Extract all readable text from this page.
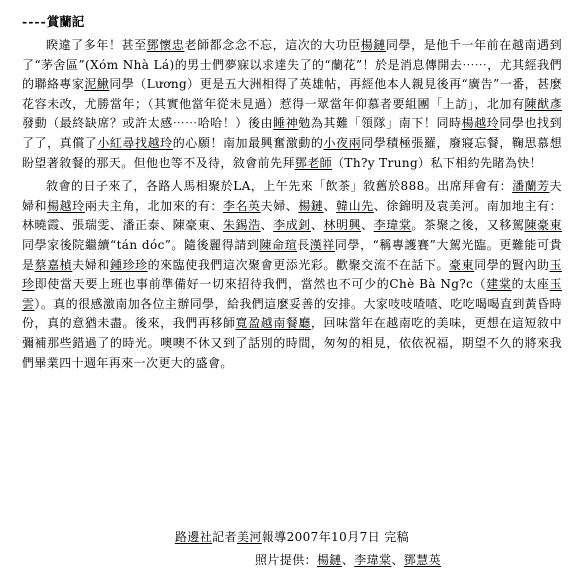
----賞蘭記

睽違了多年！甚至鄧懷忠老師都念念不忘，這次的大功臣楊鏈同學，是他千一年前在越南遇到了“茅舍區”(Xóm Nhà Lá)的男士們夢寐以求達失了的“蘭花”！於是消息傳開去⋯⋯，尤其經我們的聯絡專家泥鰍同學（Lương）更是五大洲相得了英雄帖，再經他本人親見後再“廣告”一番，甚麼花容未改，尤勝當年；（其實他當年從未見過）惹得一眾當年仰慕者要組團「上訪」，北加有陳猷彥發動（最終缺席？或許太感⋯⋯哈哈！）後由睡神勉為其難「領隊」南下！同時楊越玲同學也找到了了，真償了小紅尋找越玲的心願！南加最興奮激動的小夜兩同學積極張羅，廢寢忘餐，鞠思慕想盼望著敘餐的那天。但他也等不及待，敘會前先拜鄧老師（Th?y Trung）私下相約先睹為快！

敘會的日子來了，各路人馬相聚於LA，上午先來「飲茶」敘舊於888。出席拜會有：潘蘭芳夫婦和楊越玲兩夫主角，北加來的有：李名英夫婦、楊鏈、韓山先、徐錦明及袁美河。南加地主有：林曉霞、張瑞雯、潘正泰、陳豪東、朱錫浩、李成釗、林明興、李瑋棠。茶聚之後，又移駕陳豪東同學家後院繼續“tán dóc”。隨後麗得請到陳命瑄長漢祥同學，“稱專護賽”大駕光臨。更難能可貴是蔡嘉楨夫婦和鍾珍珍的來臨使我們這次聚會更添光彩。歡聚交流不在話下。豪東同學的賢內助玉珍即使當天要上班也事前準備好一切來招待我們，當然也不可少的Chè Bà Ng?c（建棠的太座玉雲）。真的很感激南加各位主辦同學，給我們這麼妥善的安排。大家吱吱喳喳、吃吃喝喝直到黃昏時份，真的意猶未盡。後來，我們再移師寬盈越南餐廳，回味當年在越南吃的美味，更想在這短敘中彌補那些錯過了的時光。噢噢不休又到了話別的時間，匆匆的相見，依依祝福，期望不久的將來我們畢業四十週年再來一次更大的盛會。

路邊社記者美河報導2007年10月7日 完稿
照片提供：楊鏈、李瑋棠、鄧慧英
